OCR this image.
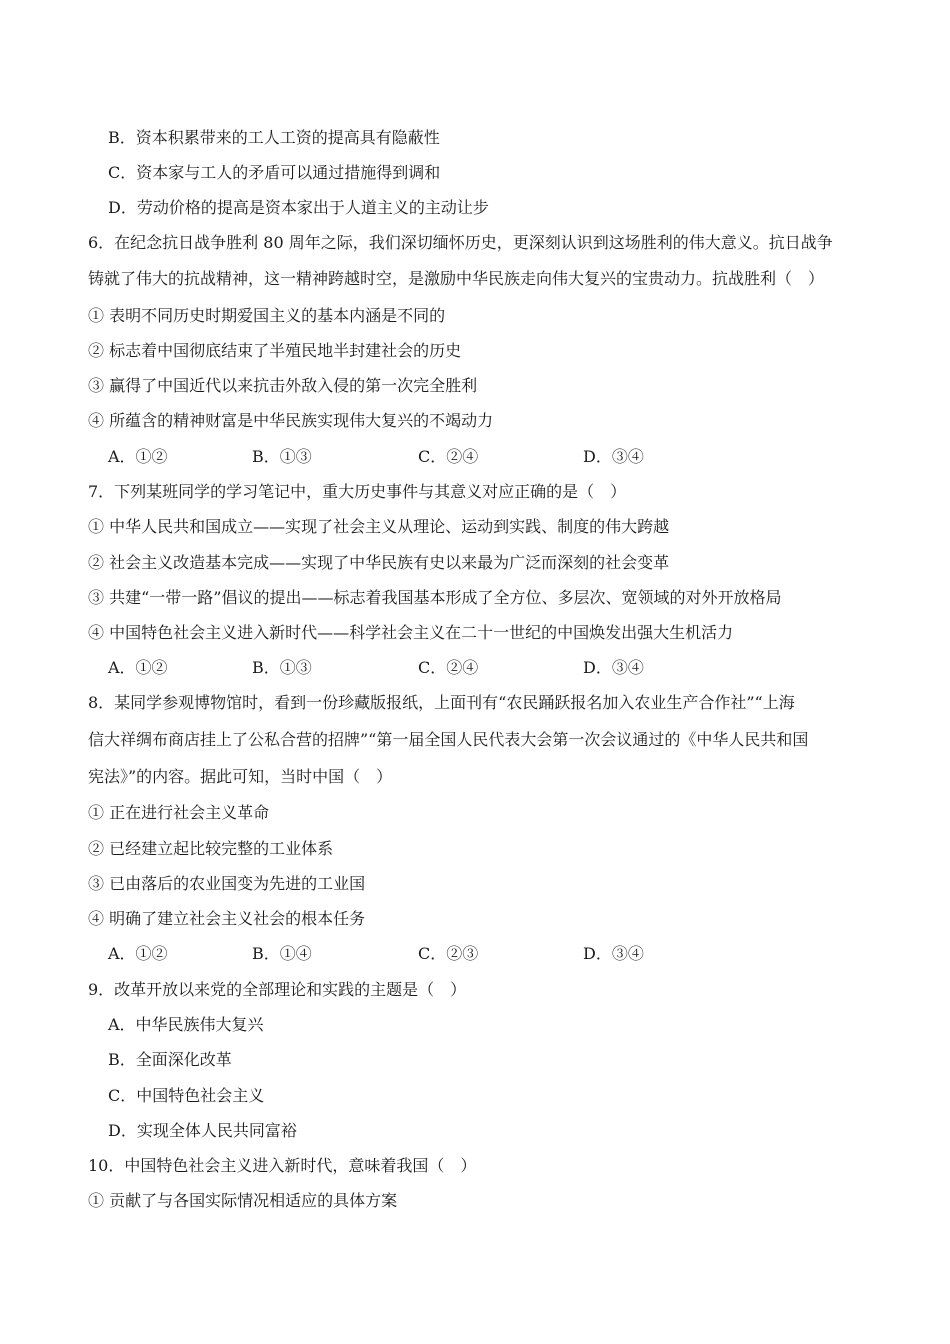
B．资本积累带来的工人工资的提高具有隐蔽性
C．资本家与工人的矛盾可以通过措施得到调和
D．劳动价格的提高是资本家出于人道主义的主动让步
6．在纪念抗日战争胜利 80 周年之际，我们深切缅怀历史，更深刻认识到这场胜利的伟大意义。抗日战争
铸就了伟大的抗战精神，这一精神跨越时空，是激励中华民族走向伟大复兴的宝贵动力。抗战胜利（　）
① 表明不同历史时期爱国主义的基本内涵是不同的
② 标志着中国彻底结束了半殖民地半封建社会的历史
③ 赢得了中国近代以来抗击外敌入侵的第一次完全胜利
④ 所蕴含的精神财富是中华民族实现伟大复兴的不竭动力
A．①②	B．①③	C．②④	D．③④
7．下列某班同学的学习笔记中，重大历史事件与其意义对应正确的是（　）
① 中华人民共和国成立——实现了社会主义从理论、运动到实践、制度的伟大跨越
② 社会主义改造基本完成——实现了中华民族有史以来最为广泛而深刻的社会变革
③ 共建“一带一路”倡议的提出——标志着我国基本形成了全方位、多层次、宽领域的对外开放格局
④ 中国特色社会主义进入新时代——科学社会主义在二十一世纪的中国焕发出强大生机活力
A．①②	B．①③	C．②④	D．③④
8．某同学参观博物馆时，看到一份珍藏版报纸，上面刊有“农民踊跃报名加入农业生产合作社”“上海
信大祥绸布商店挂上了公私合营的招牌”“第一届全国人民代表大会第一次会议通过的《中华人民共和国
宪法》”的内容。据此可知，当时中国（　）
① 正在进行社会主义革命
② 已经建立起比较完整的工业体系
③ 已由落后的农业国变为先进的工业国
④ 明确了建立社会主义社会的根本任务
A．①②	B．①④	C．②③	D．③④
9．改革开放以来党的全部理论和实践的主题是（　）
A．中华民族伟大复兴
B．全面深化改革
C．中国特色社会主义
D．实现全体人民共同富裕
10．中国特色社会主义进入新时代，意味着我国（　）
① 贡献了与各国实际情况相适应的具体方案
